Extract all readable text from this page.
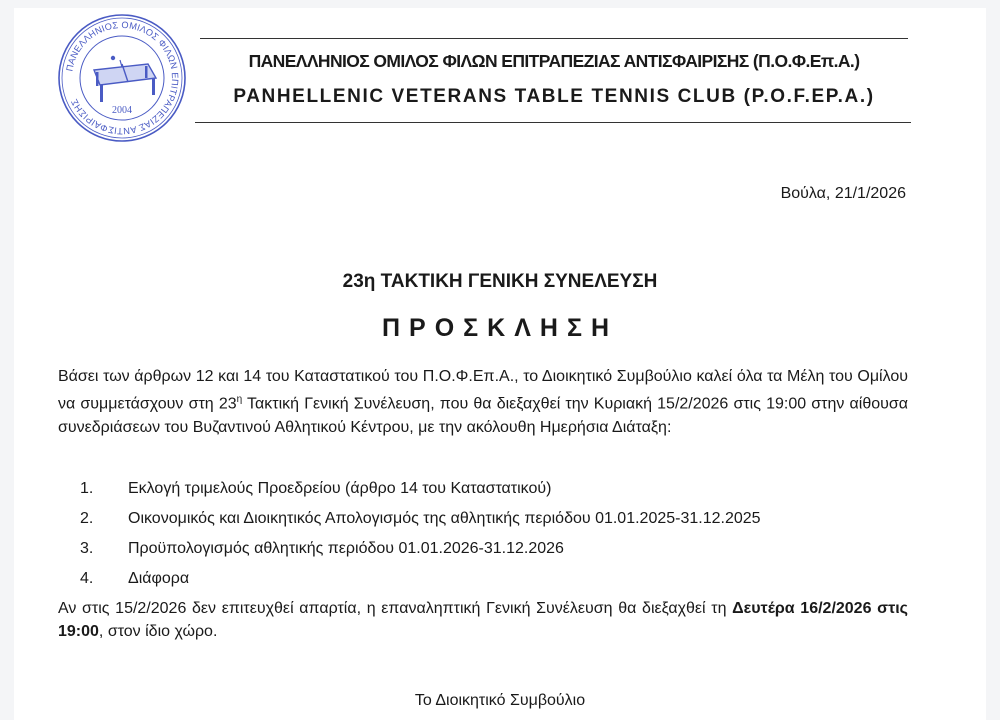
ΠΑΝΕΛΛΗΝΙΟΣ ΟΜΙΛΟΣ ΦΙΛΩΝ ΕΠΙΤΡΑΠΕΖΙΑΣ ΑΝΤΙΣΦΑΙΡΙΣΗΣ
2004
ΠΑΝΕΛΛΗΝΙΟΣ ΟΜΙΛΟΣ ΦΙΛΩΝ ΕΠΙΤΡΑΠΕΖΙΑΣ ΑΝΤΙΣΦΑΙΡΙΣΗΣ (Π.Ο.Φ.Επ.Α.)
PANHELLENIC VETERANS TABLE TENNIS CLUB (P.O.F.EP.A.)
Βούλα, 21/1/2026
23η ΤΑΚΤΙΚΗ ΓΕΝΙΚΗ ΣΥΝΕΛΕΥΣΗ
ΠΡΟΣΚΛΗΣΗ
Βάσει των άρθρων 12 και 14 του Καταστατικού του Π.Ο.Φ.Επ.Α., το Διοικητικό Συμβούλιο καλεί όλα τα Μέλη του Ομίλου να συμμετάσχουν στη $23^\eta$ Τακτική Γενική Συνέλευση, που θα διεξαχθεί την Κυριακή 15/2/2026 στις 19:00 στην αίθουσα συνεδριάσεων του Βυζαντινού Αθλητικού Κέντρου, με την ακόλουθη Ημερήσια Διάταξη:
1.	Εκλογή τριμελούς Προεδρείου (άρθρο 14 του Καταστατικού)
2.	Οικονομικός και Διοικητικός Απολογισμός της αθλητικής περιόδου 01.01.2025-31.12.2025
3.	Προϋπολογισμός αθλητικής περιόδου 01.01.2026-31.12.2026
4.	Διάφορα
Αν στις 15/2/2026 δεν επιτευχθεί απαρτία, η επαναληπτική Γενική Συνέλευση θα διεξαχθεί τη Δευτέρα 16/2/2026 στις 19:00, στον ίδιο χώρο.
Το Διοικητικό Συμβούλιο
